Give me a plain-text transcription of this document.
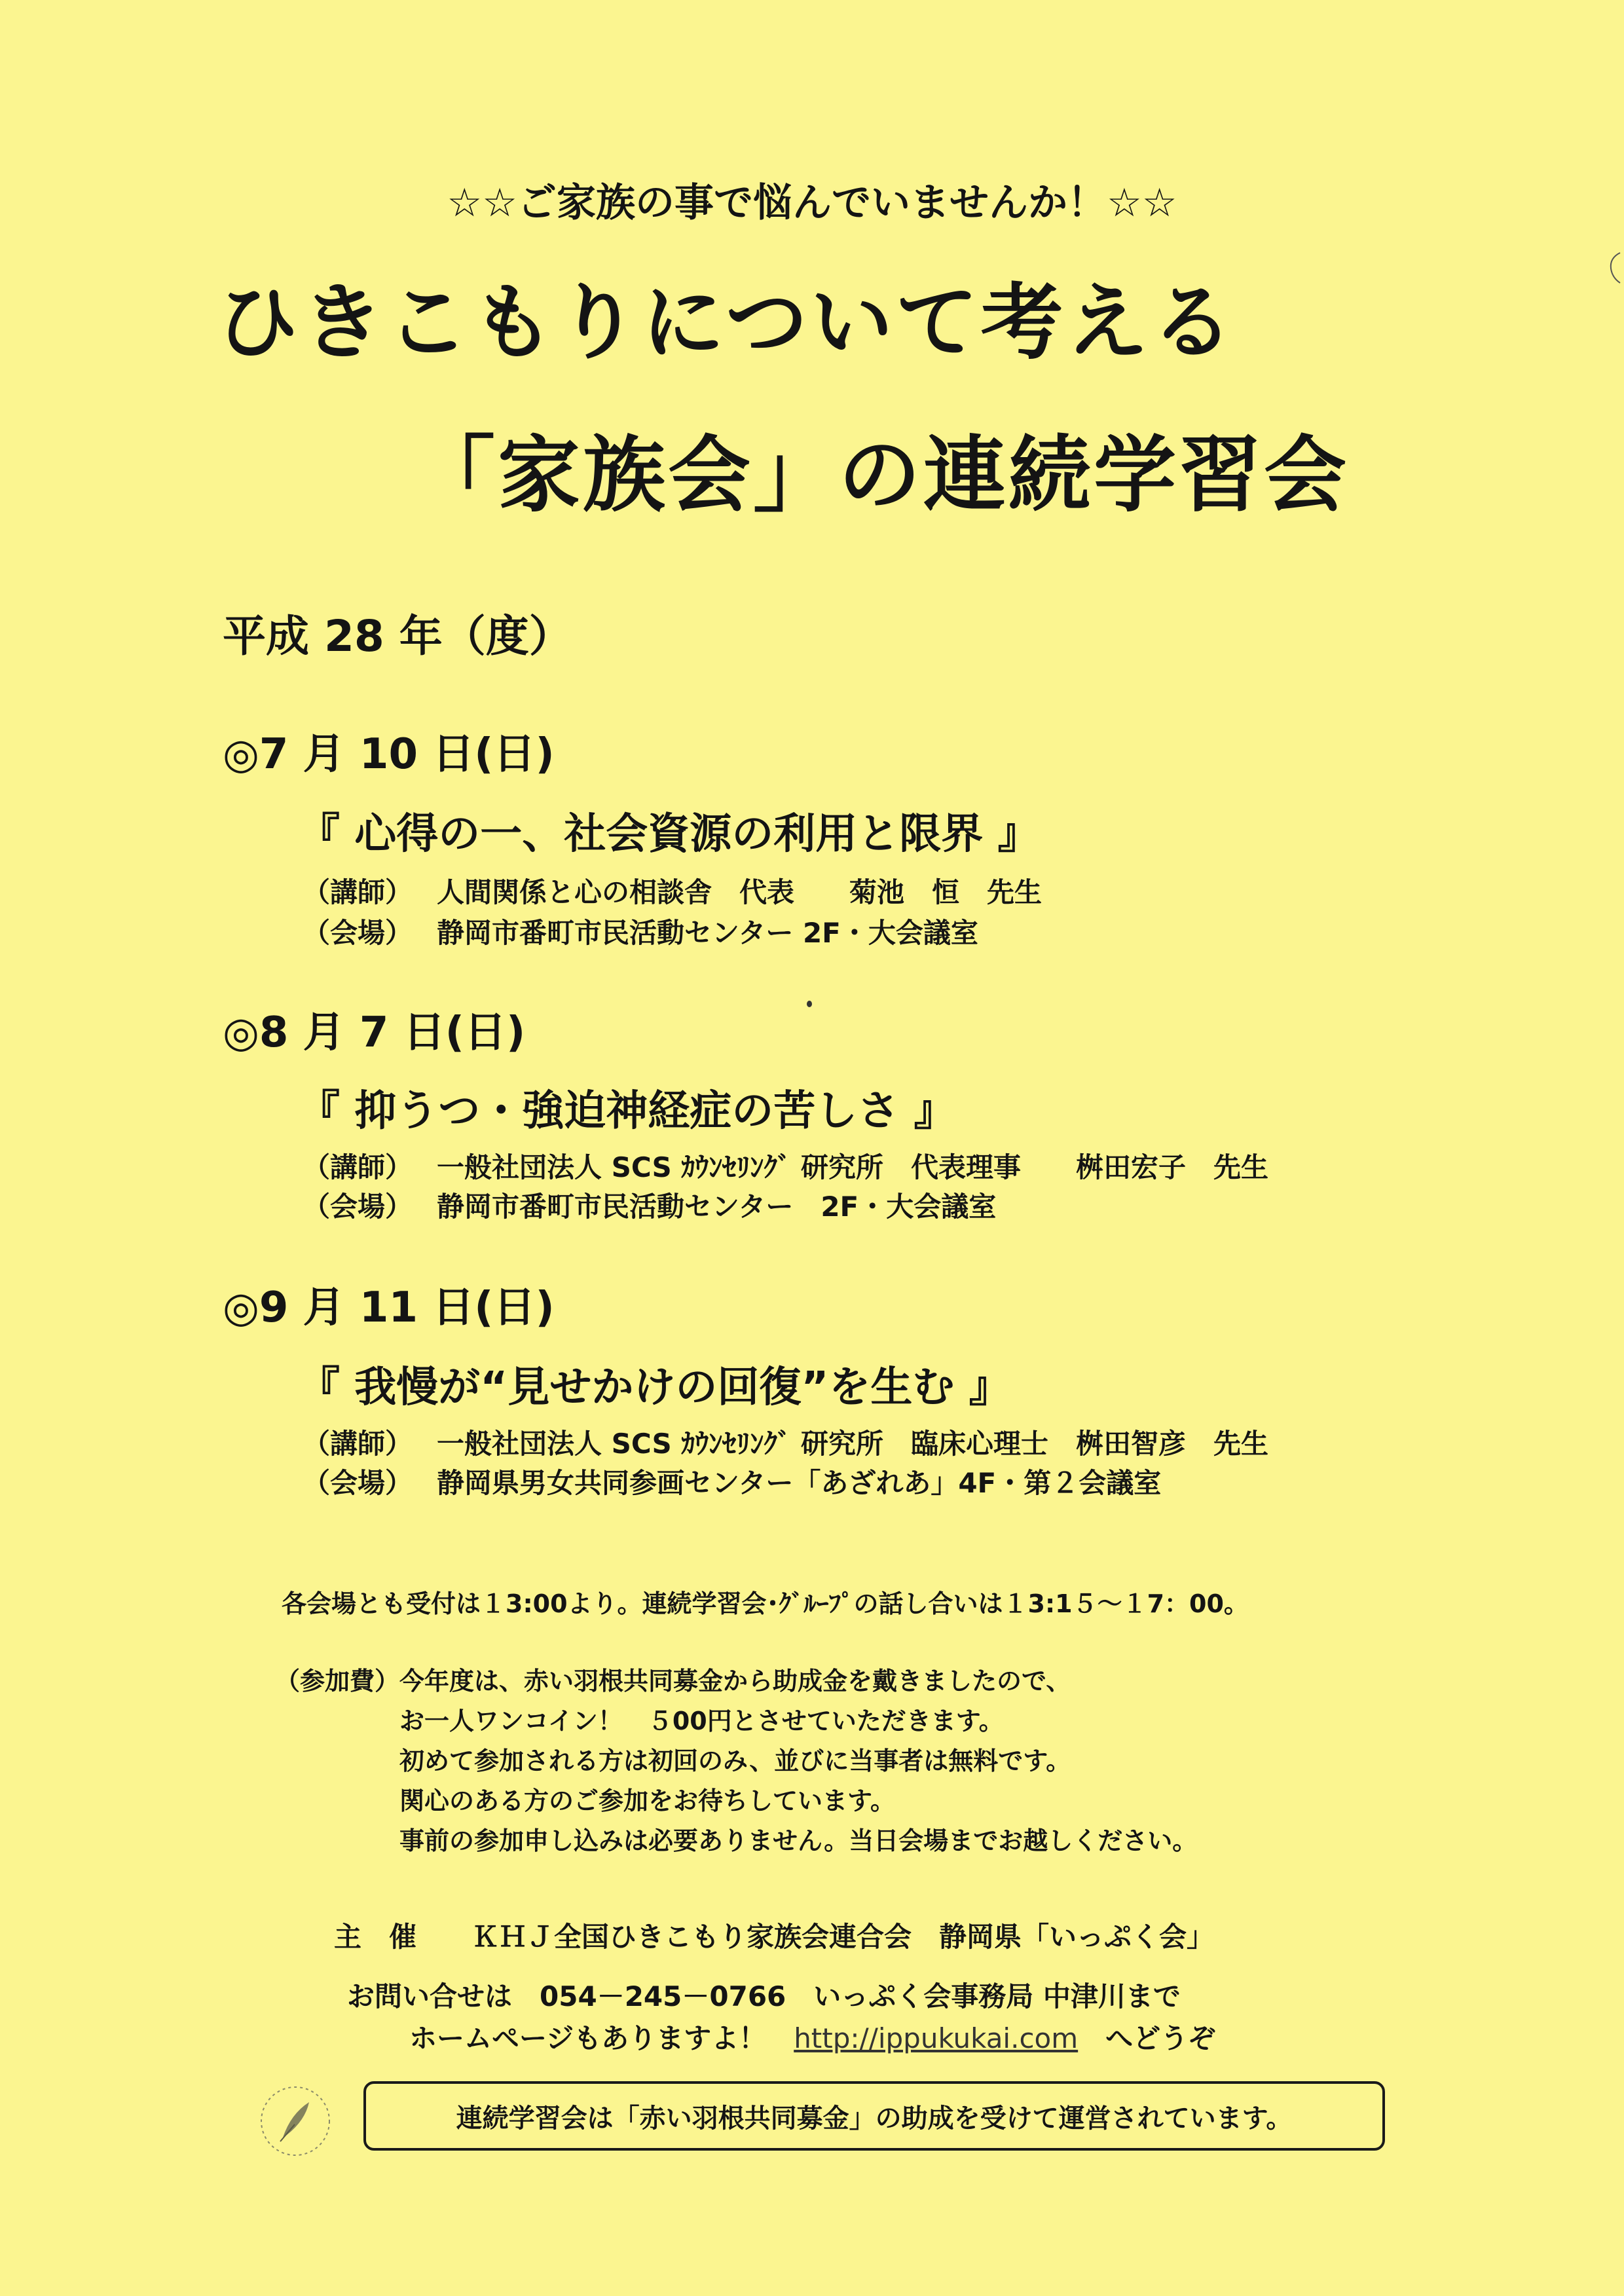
☆☆ご家族の事で悩んでいませんか！☆☆
ひきこもりについて考える
「家族会」の連続学習会
平成 28 年（度）
◎7 月 10 日(日)
『 心得の一、社会資源の利用と限界 』
（講師） 人間関係と心の相談舎　代表　　菊池　恒　先生
（会場） 静岡市番町市民活動センター 2F・大会議室
◎8 月 7 日(日)
『 抑うつ・強迫神経症の苦しさ 』
（講師） 一般社団法人 SCS ｶｳﾝｾﾘﾝｸﾞ 研究所　代表理事　　桝田宏子　先生
（会場） 静岡市番町市民活動センター　2F・大会議室
◎9 月 11 日(日)
『 我慢が“見せかけの回復”を生む 』
（講師） 一般社団法人 SCS ｶｳﾝｾﾘﾝｸﾞ 研究所　臨床心理士　桝田智彦　先生
（会場） 静岡県男女共同参画センター「あざれあ」4F・第２会議室
各会場とも受付は１3:00より。連続学習会･ｸﾞﾙｰﾌﾟの話し合いは１3:1５～１7：00。
（参加費） 今年度は、赤い羽根共同募金から助成金を戴きましたので、
お一人ワンコイン！　５00円とさせていただきます。
初めて参加される方は初回のみ、並びに当事者は無料です。
関心のある方のご参加をお待ちしています。
事前の参加申し込みは必要ありません。当日会場までお越しください。
主　催　　 ＫＨＪ全国ひきこもり家族会連合会　静岡県「いっぷく会」
お問い合せは　 054－245－0766　 いっぷく会事務局 中津川まで
ホームページもありますよ！　 http://ippukukai.com　 へどうぞ
連続学習会は「赤い羽根共同募金」の助成を受けて運営されています。
